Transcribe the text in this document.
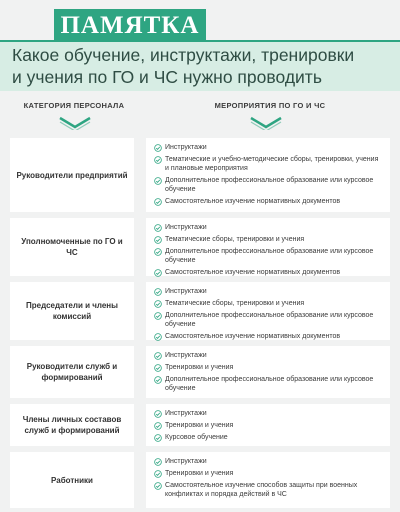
ПАМЯТКА
Какое обучение, инструктажи, тренировки
и учения по ГО и ЧС нужно проводить
КАТЕГОРИЯ ПЕРСОНАЛА	МЕРОПРИЯТИЯ ПО ГО И ЧС
Руководители предприятий
Инструктажи
Тематические и учебно-методические сборы, тренировки, учения и плановые мероприятия
Дополнительное профессиональное образование или курсовое обучение
Самостоятельное изучение нормативных документов
Уполномоченные по ГО и ЧС
Инструктажи
Тематические сборы, тренировки и учения
Дополнительное профессиональное образование или курсовое обучение
Самостоятельное изучение нормативных документов
Председатели и члены комиссий
Инструктажи
Тематические сборы, тренировки и учения
Дополнительное профессиональное образование или курсовое обучение
Самостоятельное изучение нормативных документов
Руководители служб и формирований
Инструктажи
Тренировки и учения
Дополнительное профессиональное образование или курсовое обучение
Члены личных составов служб и формирований
Инструктажи
Тренировки и учения
Курсовое обучение
Работники
Инструктажи
Тренировки и учения
Самостоятельное изучение способов защиты при военных конфликтах и порядка действий в ЧС
